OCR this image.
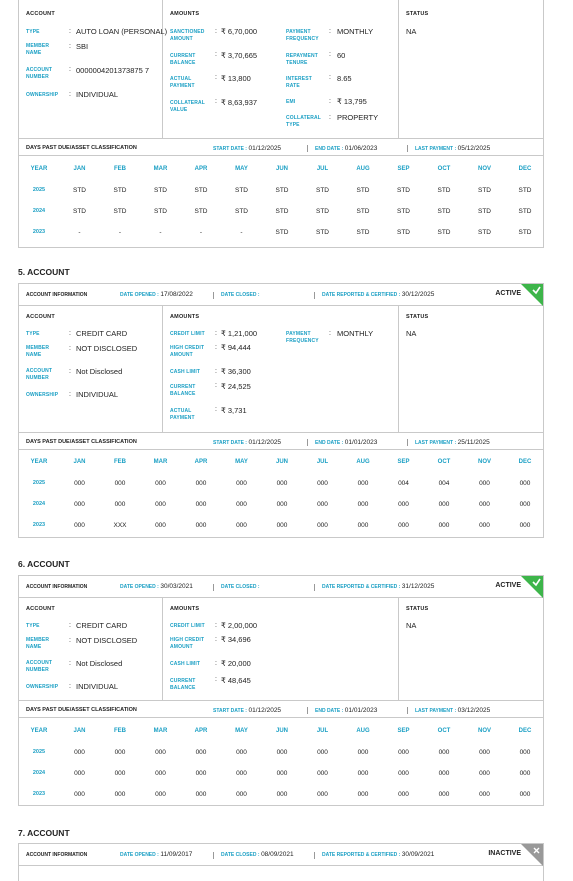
ACCOUNT
TYPE	: AUTO LOAN (PERSONAL)
MEMBER NAME
: SBI
ACCOUNT NUMBER
: 0000004201373875 7
OWNERSHIP : INDIVIDUAL
AMOUNTS
SANCTIONED AMOUNT
: ₹ 6,70,000
CURRENT BALANCE
: ₹ 3,70,665
ACTUAL PAYMENT
: ₹ 13,800
COLLATERAL VALUE
: ₹ 8,63,937
PAYMENT FREQUENCY
: MONTHLY
REPAYMENT TENURE
: 60
INTEREST RATE
: 8.65
EMI	: ₹ 13,795
COLLATERAL TYPE
: PROPERTY
STATUS
NA
DAYS PAST DUE/ASSET CLASSIFICATION	START DATE : 01/12/2025	END DATE : 01/06/2023	LAST PAYMENT : 05/12/2025
YEAR	JAN	FEB	MAR	APR	MAY	JUN	JUL	AUG	SEP	OCT	NOV	DEC
2025	STD	STD	STD	STD	STD	STD	STD	STD	STD	STD	STD	STD
2024	STD	STD	STD	STD	STD	STD	STD	STD	STD	STD	STD	STD
2023	-	-	-	-	-	STD	STD	STD	STD	STD	STD	STD
5. ACCOUNT
ACCOUNT INFORMATION	DATE OPENED : 17/08/2022	DATE CLOSED :	DATE REPORTED & CERTIFIED : 30/12/2025	ACTIVE
ACCOUNT
TYPE	: CREDIT CARD
MEMBER NAME
: NOT DISCLOSED
ACCOUNT NUMBER
: Not Disclosed
OWNERSHIP : INDIVIDUAL
AMOUNTS
CREDIT LIMIT : ₹ 1,21,000
HIGH CREDIT AMOUNT
: ₹ 94,444
CASH LIMIT : ₹ 36,300
CURRENT BALANCE
: ₹ 24,525
ACTUAL PAYMENT
: ₹ 3,731
PAYMENT FREQUENCY
: MONTHLY
STATUS
NA
DAYS PAST DUE/ASSET CLASSIFICATION	START DATE : 01/12/2025	END DATE : 01/01/2023	LAST PAYMENT : 25/11/2025
YEAR	JAN	FEB	MAR	APR	MAY	JUN	JUL	AUG	SEP	OCT	NOV	DEC
2025	000	000	000	000	000	000	000	000	004	004	000	000
2024	000	000	000	000	000	000	000	000	000	000	000	000
2023	000	XXX	000	000	000	000	000	000	000	000	000	000
6. ACCOUNT
ACCOUNT INFORMATION	DATE OPENED : 30/03/2021	DATE CLOSED :	DATE REPORTED & CERTIFIED : 31/12/2025	ACTIVE
ACCOUNT
TYPE	: CREDIT CARD
MEMBER NAME
: NOT DISCLOSED
ACCOUNT NUMBER
: Not Disclosed
OWNERSHIP : INDIVIDUAL
AMOUNTS
CREDIT LIMIT : ₹ 2,00,000
HIGH CREDIT AMOUNT
: ₹ 34,696
CASH LIMIT : ₹ 20,000
CURRENT BALANCE
: ₹ 48,645
STATUS
NA
DAYS PAST DUE/ASSET CLASSIFICATION	START DATE : 01/12/2025	END DATE : 01/01/2023	LAST PAYMENT : 03/12/2025
YEAR	JAN	FEB	MAR	APR	MAY	JUN	JUL	AUG	SEP	OCT	NOV	DEC
2025	000	000	000	000	000	000	000	000	000	000	000	000
2024	000	000	000	000	000	000	000	000	000	000	000	000
2023	000	000	000	000	000	000	000	000	000	000	000	000
7. ACCOUNT
ACCOUNT INFORMATION	DATE OPENED : 11/09/2017	DATE CLOSED : 08/09/2021	DATE REPORTED & CERTIFIED : 30/09/2021	INACTIVE
